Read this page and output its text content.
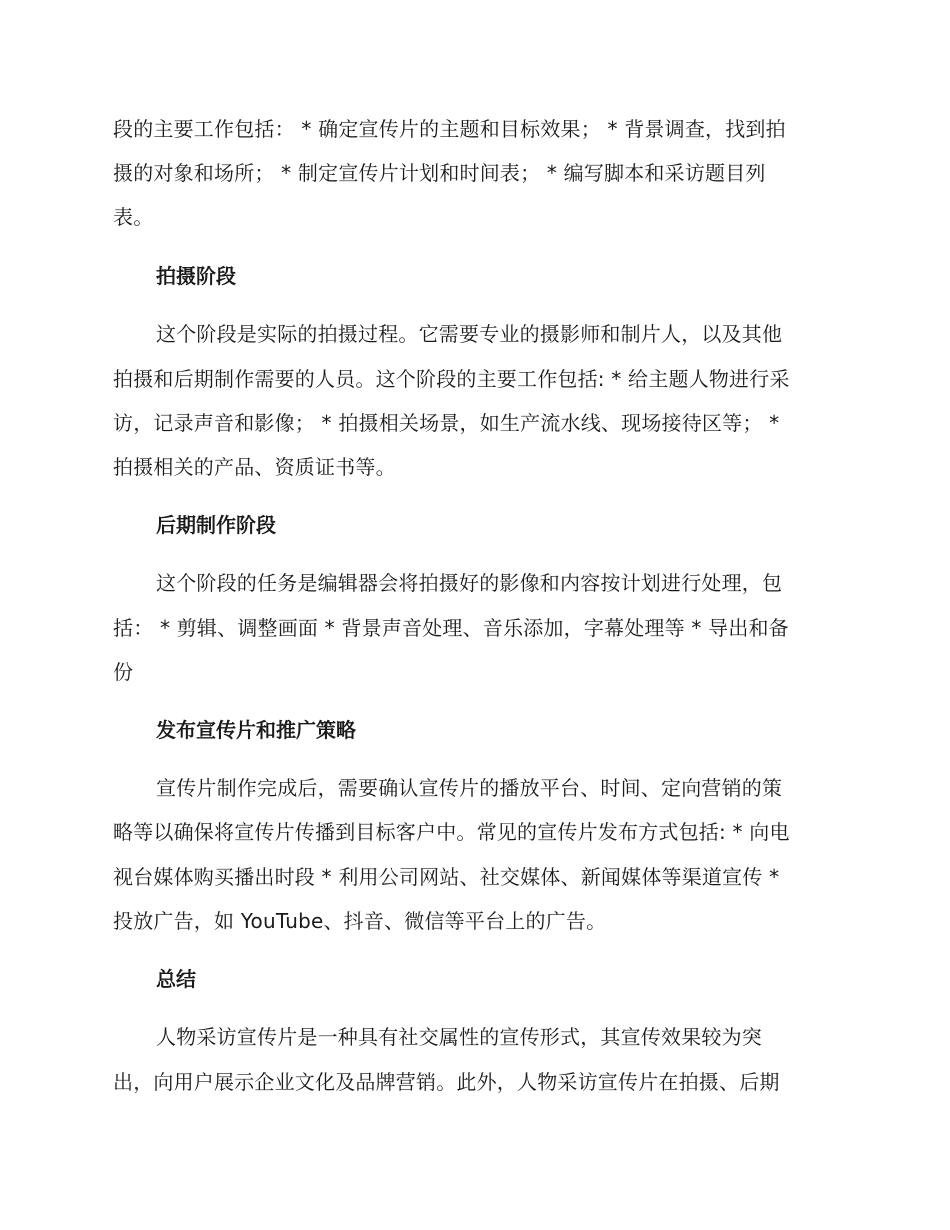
段的主要工作包括： * 确定宣传片的主题和目标效果； * 背景调查，找到拍
摄的对象和场所； * 制定宣传片计划和时间表； * 编写脚本和采访题目列
表。
拍摄阶段
这个阶段是实际的拍摄过程。它需要专业的摄影师和制片人，以及其他
拍摄和后期制作需要的人员。这个阶段的主要工作包括: * 给主题人物进行采
访，记录声音和影像； * 拍摄相关场景，如生产流水线、现场接待区等； *
拍摄相关的产品、资质证书等。
后期制作阶段
这个阶段的任务是编辑器会将拍摄好的影像和内容按计划进行处理，包
括： * 剪辑、调整画面 * 背景声音处理、音乐添加，字幕处理等 * 导出和备
份
发布宣传片和推广策略
宣传片制作完成后，需要确认宣传片的播放平台、时间、定向营销的策
略等以确保将宣传片传播到目标客户中。常见的宣传片发布方式包括: * 向电
视台媒体购买播出时段 * 利用公司网站、社交媒体、新闻媒体等渠道宣传 *
投放广告，如 YouTube、抖音、微信等平台上的广告。
总结
人物采访宣传片是一种具有社交属性的宣传形式，其宣传效果较为突
出，向用户展示企业文化及品牌营销。此外，人物采访宣传片在拍摄、后期
